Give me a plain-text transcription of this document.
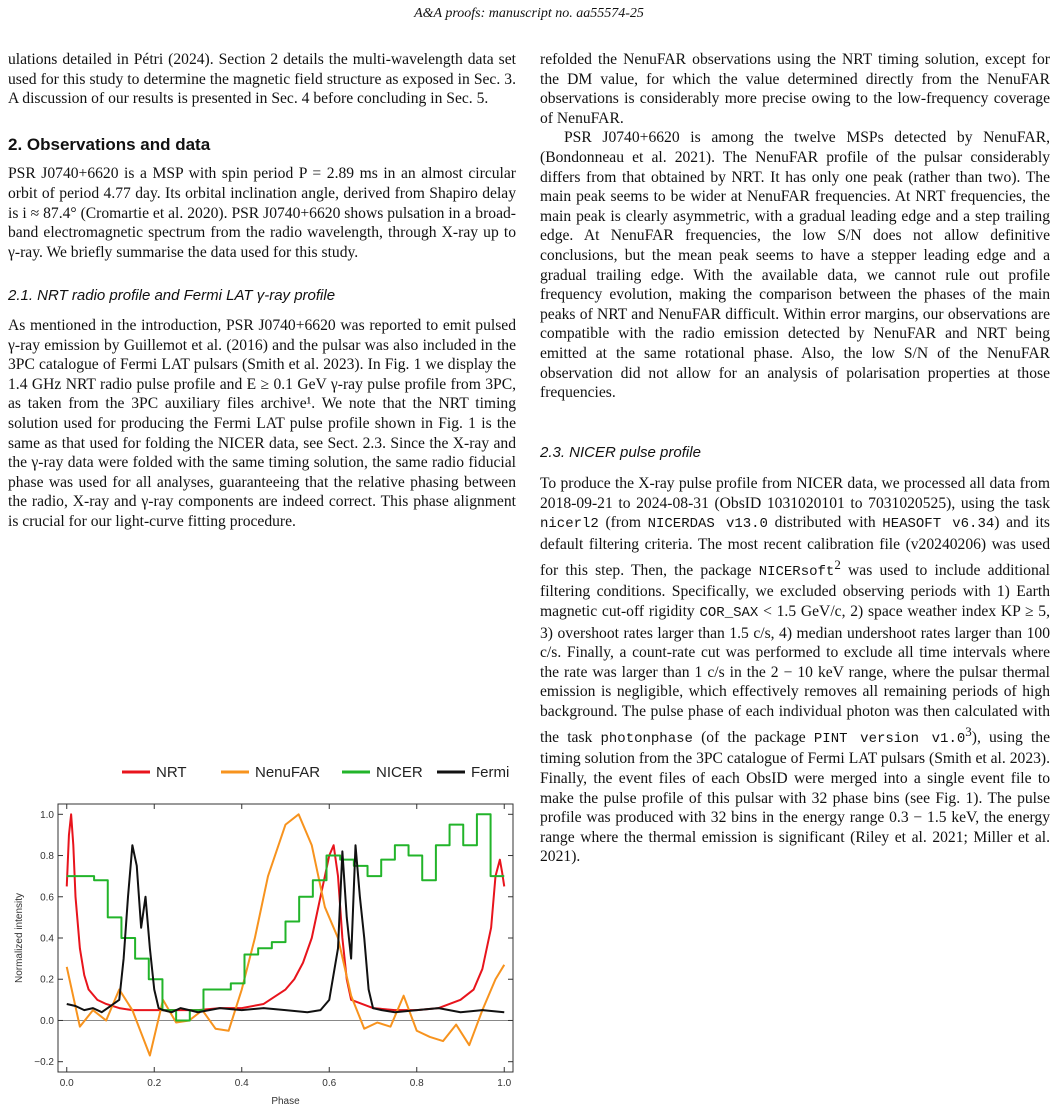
A&A proofs: manuscript no. aa55574-25

ulations detailed in Pétri (2024). Section 2 details the multi-wavelength data set used for this study to determine the magnetic field structure as exposed in Sec. 3. A discussion of our results is presented in Sec. 4 before concluding in Sec. 5.

2. Observations and data

PSR J0740+6620 is a MSP with spin period P = 2.89 ms in an almost circular orbit of period 4.77 day. Its orbital inclination angle, derived from Shapiro delay is i ≈ 87.4° (Cromartie et al. 2020). PSR J0740+6620 shows pulsation in a broad-band electromagnetic spectrum from the radio wavelength, through X-ray up to γ-ray. We briefly summarise the data used for this study.

2.1. NRT radio profile and Fermi LAT γ-ray profile

As mentioned in the introduction, PSR J0740+6620 was reported to emit pulsed γ-ray emission by Guillemot et al. (2016) and the pulsar was also included in the 3PC catalogue of Fermi LAT pulsars (Smith et al. 2023). In Fig. 1 we display the 1.4 GHz NRT radio pulse profile and E ≥ 0.1 GeV γ-ray pulse profile from 3PC, as taken from the 3PC auxiliary files archive¹. We note that the NRT timing solution used for producing the Fermi LAT pulse profile shown in Fig. 1 is the same as that used for folding the NICER data, see Sect. 2.3. Since the X-ray and the γ-ray data were folded with the same timing solution, the same radio fiducial phase was used for all analyses, guaranteeing that the relative phasing between the radio, X-ray and γ-ray components are indeed correct. This phase alignment is crucial for our light-curve fitting procedure.

refolded the NenuFAR observations using the NRT timing solution, except for the DM value, for which the value determined directly from the NenuFAR observations is considerably more precise owing to the low-frequency coverage of NenuFAR.

PSR J0740+6620 is among the twelve MSPs detected by NenuFAR, (Bondonneau et al. 2021). The NenuFAR profile of the pulsar considerably differs from that obtained by NRT. It has only one peak (rather than two). The main peak seems to be wider at NenuFAR frequencies. At NRT frequencies, the main peak is clearly asymmetric, with a gradual leading edge and a step trailing edge. At NenuFAR frequencies, the low S/N does not allow definitive conclusions, but the mean peak seems to have a stepper leading edge and a gradual trailing edge. With the available data, we cannot rule out profile frequency evolution, making the comparison between the phases of the main peaks of NRT and NenuFAR difficult. Within error margins, our observations are compatible with the radio emission detected by NenuFAR and NRT being emitted at the same rotational phase. Also, the low S/N of the NenuFAR observation did not allow for an analysis of polarisation properties at those frequencies.

2.3. NICER pulse profile

To produce the X-ray pulse profile from NICER data, we processed all data from 2018-09-21 to 2024-08-31 (ObsID 1031020101 to 7031020525), using the task nicerl2 (from NICERDAS v13.0 distributed with HEASOFT v6.34) and its default filtering criteria. The most recent calibration file (v20240206) was used for this step. Then, the package NICERsoft$^2$ was used to include additional filtering conditions. Specifically, we excluded observing periods with 1) Earth magnetic cut-off rigidity COR_SAX < 1.5 GeV/c, 2) space weather index KP ≥ 5, 3) overshoot rates larger than 1.5 c/s, 4) median undershoot rates larger than 100 c/s. Finally, a count-rate cut was performed to exclude all time intervals where the rate was larger than 1 c/s in the 2 − 10 keV range, where the pulsar thermal emission is negligible, which effectively removes all remaining periods of high background. The pulse phase of each individual photon was then calculated with the task photonphase (of the package PINT version $v1.0^3$), using the timing solution from the 3PC catalogue of Fermi LAT pulsars (Smith et al. 2023). Finally, the event files of each ObsID were merged into a single event file to make the pulse profile of this pulsar with 32 phase bins (see Fig. 1). The pulse profile was produced with 32 bins in the energy range 0.3 − 1.5 keV, the energy range where the thermal emission is significant (Riley et al. 2021; Miller et al. 2021).

0.0	0.2	0.4	0.6	0.8	1.0
−0.2
0.0
0.2
0.4
0.6
0.8
1.0
Phase
Normalized intensity
NRT	NenuFAR	NICER	Fermi
